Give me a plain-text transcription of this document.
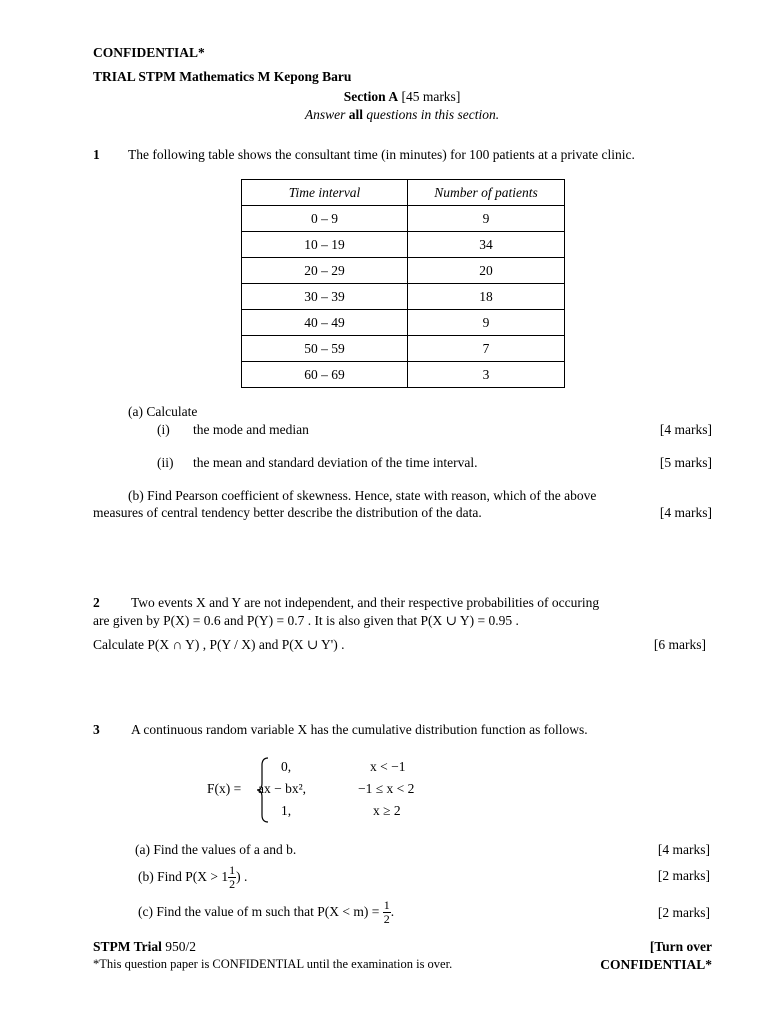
CONFIDENTIAL*
TRIAL STPM Mathematics M Kepong Baru
Section A [45 marks]
Answer all questions in this section.
1 The following table shows the consultant time (in minutes) for 100 patients at a private clinic.
Time interval	Number of patients
0 – 9	9
10 – 19	34
20 – 29	20
30 – 39	18
40 – 49	9
50 – 59	7
60 – 69	3
(a) Calculate
(i) the mode and median	[4 marks]
(ii) the mean and standard deviation of the time interval.	[5 marks]
(b) Find Pearson coefficient of skewness. Hence, state with reason, which of the above
measures of central tendency better describe the distribution of the data.	[4 marks]
2 Two events X and Y are not independent, and their respective probabilities of occuring
are given by P(X) = 0.6 and P(Y) = 0.7 . It is also given that P(X ∪ Y) = 0.95 .
Calculate P(X ∩ Y) , P(Y / X) and P(X ∪ Y') .	[6 marks]
3 A continuous random variable X has the cumulative distribution function as follows.
F(x) =
0,	x < −1
ax − bx²,	−1 ≤ x < 2
1,	x ≥ 2
(a) Find the values of a and b.	[4 marks]
(b)
Find $P(X > 1 \frac{1}{2}$ ) .	[2 marks]
(c)
Find the value of m such that P(X < m) =
$\frac{1}{2}$ .	[2 marks]
STPM Trial 950/2	[Turn over
*This question paper is CONFIDENTIAL until the examination is over.	CONFIDENTIAL*
